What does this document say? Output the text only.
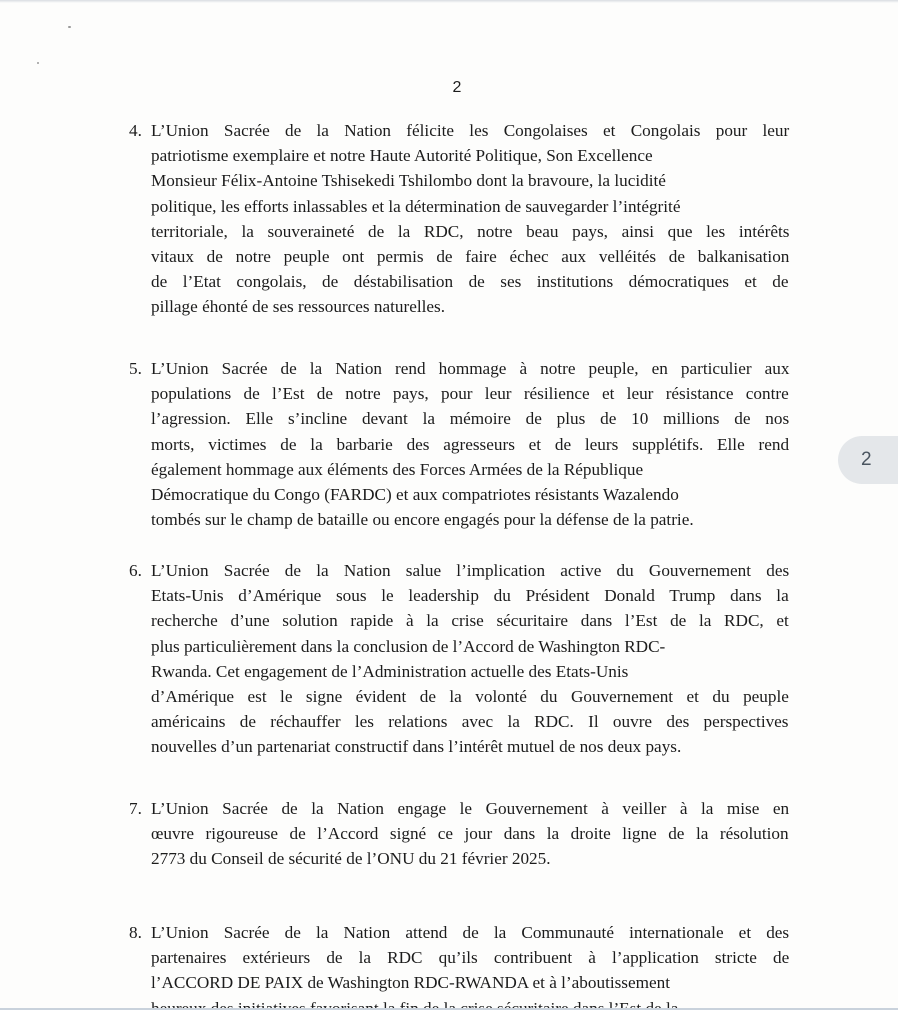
2
4. L’Union Sacrée de la Nation félicite les Congolaises et Congolais pour leur
patriotisme exemplaire et notre Haute Autorité Politique, Son Excellence
Monsieur Félix-Antoine Tshisekedi Tshilombo dont la bravoure, la lucidité
politique, les efforts inlassables et la détermination de sauvegarder l’intégrité
territoriale, la souveraineté de la RDC, notre beau pays, ainsi que les intérêts
vitaux de notre peuple ont permis de faire échec aux velléités de balkanisation
de l’Etat congolais, de déstabilisation de ses institutions démocratiques et de
pillage éhonté de ses ressources naturelles.
5. L’Union Sacrée de la Nation rend hommage à notre peuple, en particulier aux
populations de l’Est de notre pays, pour leur résilience et leur résistance contre
l’agression. Elle s’incline devant la mémoire de plus de 10 millions de nos
morts, victimes de la barbarie des agresseurs et de leurs supplétifs. Elle rend
également hommage aux éléments des Forces Armées de la République
Démocratique du Congo (FARDC) et aux compatriotes résistants Wazalendo
tombés sur le champ de bataille ou encore engagés pour la défense de la patrie.
6. L’Union Sacrée de la Nation salue l’implication active du Gouvernement des
Etats-Unis d’Amérique sous le leadership du Président Donald Trump dans la
recherche d’une solution rapide à la crise sécuritaire dans l’Est de la RDC, et
plus particulièrement dans la conclusion de l’Accord de Washington RDC-
Rwanda. Cet engagement de l’Administration actuelle des Etats-Unis
d’Amérique est le signe évident de la volonté du Gouvernement et du peuple
américains de réchauffer les relations avec la RDC. Il ouvre des perspectives
nouvelles d’un partenariat constructif dans l’intérêt mutuel de nos deux pays.
7. L’Union Sacrée de la Nation engage le Gouvernement à veiller à la mise en
œuvre rigoureuse de l’Accord signé ce jour dans la droite ligne de la résolution
2773 du Conseil de sécurité de l’ONU du 21 février 2025.
8. L’Union Sacrée de la Nation attend de la Communauté internationale et des
partenaires extérieurs de la RDC qu’ils contribuent à l’application stricte de
l’ACCORD DE PAIX de Washington RDC-RWANDA et à l’aboutissement
2
